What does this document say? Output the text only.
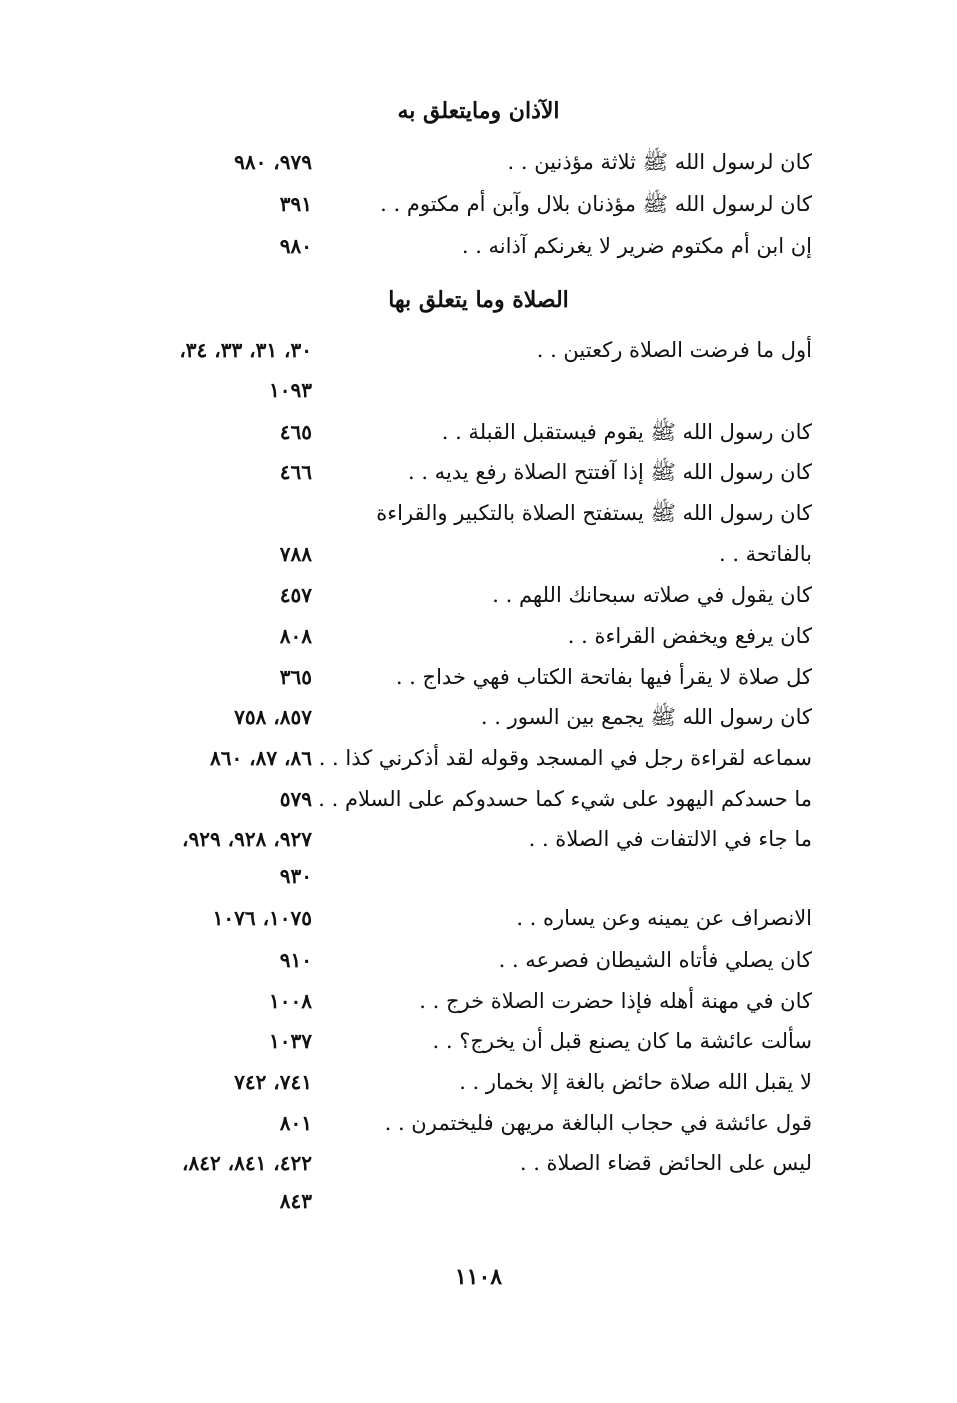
الآذان ومايتعلق به
كان لرسول الله ﷺ ثلاثة مؤذنين . .
٩٧٩، ٩٨٠
كان لرسول الله ﷺ مؤذنان بلال وآبن أم مكتوم . .
٣٩١
إن ابن أم مكتوم ضرير لا يغرنكم آذانه . .
٩٨٠
الصلاة وما يتعلق بها
أول ما فرضت الصلاة ركعتين . .
٣٠، ٣١، ٣٣، ٣٤،
١٠٩٣
كان رسول الله ﷺ يقوم فيستقبل القبلة . .
٤٦٥
كان رسول الله ﷺ إذا آفتتح الصلاة رفع يديه . .
٤٦٦
كان رسول الله ﷺ يستفتح الصلاة بالتكبير والقراءة
بالفاتحة . .
٧٨٨
كان يقول في صلاته سبحانك اللهم . .
٤٥٧
كان يرفع ويخفض القراءة . .
٨٠٨
كل صلاة لا يقرأ فيها بفاتحة الكتاب فهي خداج . .
٣٦٥
كان رسول الله ﷺ يجمع بين السور . .
٨٥٧، ٧٥٨
سماعه لقراءة رجل في المسجد وقوله لقد أذكرني كذا . .
٨٦، ٨٧، ٨٦٠
ما حسدكم اليهود على شيء كما حسدوكم على السلام . .
٥٧٩
ما جاء في الالتفات في الصلاة . .
٩٢٧، ٩٢٨، ٩٢٩،
٩٣٠
الانصراف عن يمينه وعن يساره . .
١٠٧٥، ١٠٧٦
كان يصلي فأتاه الشيطان فصرعه . .
٩١٠
كان في مهنة أهله فإذا حضرت الصلاة خرج . .
١٠٠٨
سألت عائشة ما كان يصنع قبل أن يخرج؟ . .
١٠٣٧
لا يقبل الله صلاة حائض بالغة إلا بخمار . .
٧٤١، ٧٤٢
قول عائشة في حجاب البالغة مريهن فليختمرن . .
٨٠١
ليس على الحائض قضاء الصلاة . .
٤٢٢، ٨٤١، ٨٤٢،
٨٤٣
١١٠٨
